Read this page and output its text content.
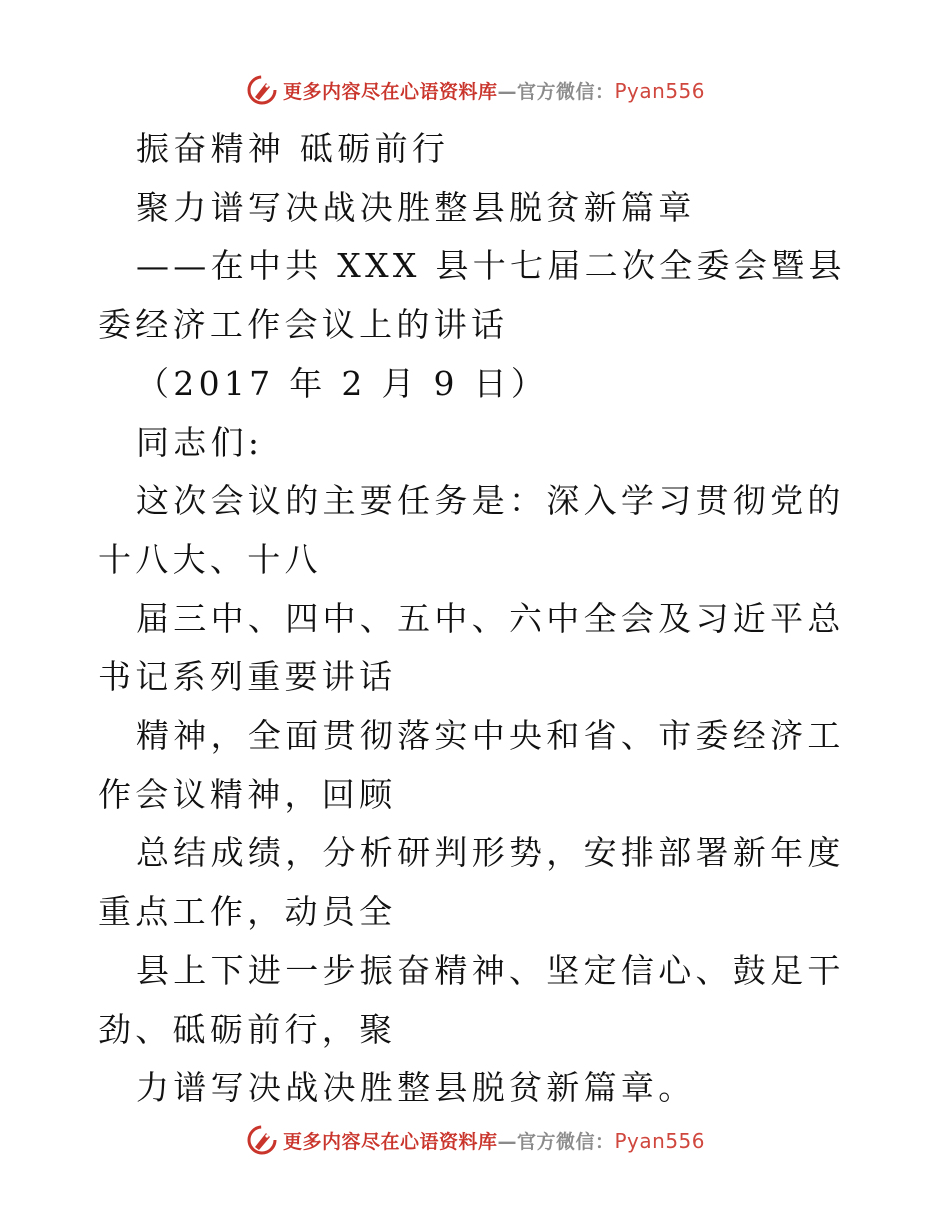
更多内容尽在心语资料库—官方微信：Pyan556

振奋精神 砥砺前行

聚力谱写决战决胜整县脱贫新篇章

——在中共 XXX 县十七届二次全委会暨县委经济工作会议上的讲话

（2017 年 2 月 9 日）

同志们:

这次会议的主要任务是：深入学习贯彻党的十八大、十八

届三中、四中、五中、六中全会及习近平总书记系列重要讲话

精神，全面贯彻落实中央和省、市委经济工作会议精神，回顾

总结成绩，分析研判形势，安排部署新年度重点工作，动员全

县上下进一步振奋精神、坚定信心、鼓足干劲、砥砺前行，聚

力谱写决战决胜整县脱贫新篇章。

更多内容尽在心语资料库—官方微信：Pyan556
